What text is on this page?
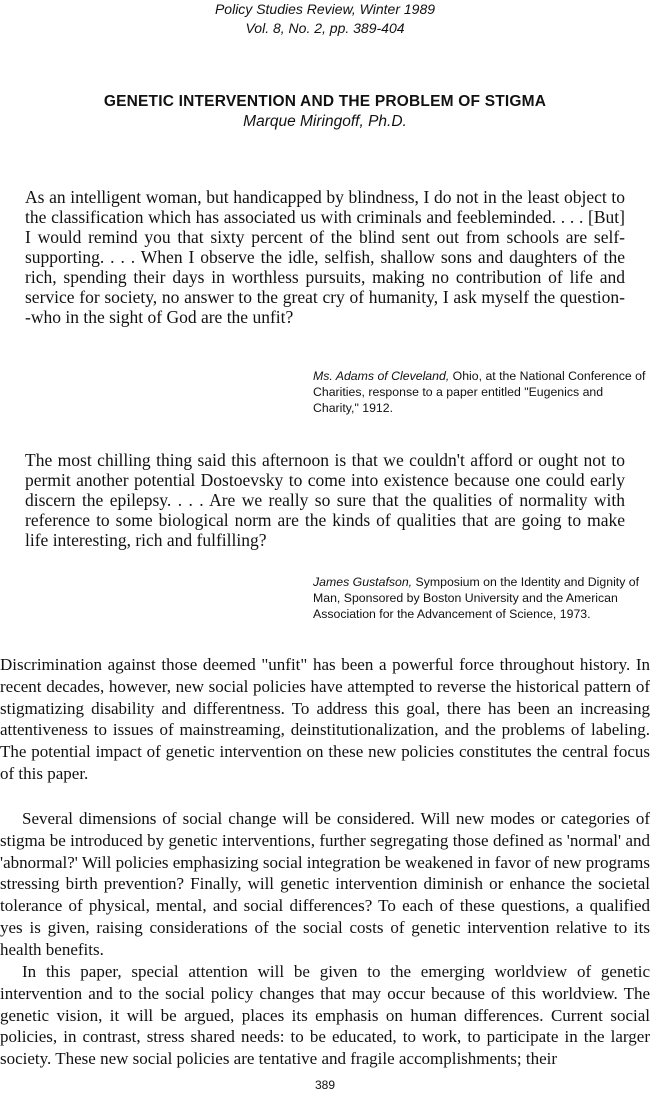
Policy Studies Review, Winter 1989
Vol. 8, No. 2, pp. 389-404
GENETIC INTERVENTION AND THE PROBLEM OF STIGMA
Marque Miringoff, Ph.D.
As an intelligent woman, but handicapped by blindness, I do not in the least object to the classification which has associated us with criminals and feebleminded. . . . [But] I would remind you that sixty percent of the blind sent out from schools are self-supporting. . . . When I observe the idle, selfish, shallow sons and daughters of the rich, spending their days in worthless pursuits, making no contribution of life and service for society, no answer to the great cry of humanity, I ask myself the question--who in the sight of God are the unfit?
Ms. Adams of Cleveland, Ohio, at the National Conference of Charities, response to a paper entitled "Eugenics and Charity," 1912.
The most chilling thing said this afternoon is that we couldn't afford or ought not to permit another potential Dostoevsky to come into existence because one could early discern the epilepsy. . . . Are we really so sure that the qualities of normality with reference to some biological norm are the kinds of qualities that are going to make life interesting, rich and fulfilling?
James Gustafson, Symposium on the Identity and Dignity of Man, Sponsored by Boston University and the American Association for the Advancement of Science, 1973.

Discrimination against those deemed "unfit" has been a powerful force throughout history. In recent decades, however, new social policies have attempted to reverse the historical pattern of stigmatizing disability and differentness. To address this goal, there has been an increasing attentiveness to issues of mainstreaming, deinstitutionalization, and the problems of labeling. The potential impact of genetic intervention on these new policies constitutes the central focus of this paper.

Several dimensions of social change will be considered. Will new modes or categories of stigma be introduced by genetic interventions, further segregating those defined as 'normal' and 'abnormal?' Will policies emphasizing social integration be weakened in favor of new programs stressing birth prevention? Finally, will genetic intervention diminish or enhance the societal tolerance of physical, mental, and social differences? To each of these questions, a qualified yes is given, raising considerations of the social costs of genetic intervention relative to its health benefits.

In this paper, special attention will be given to the emerging worldview of genetic intervention and to the social policy changes that may occur because of this worldview. The genetic vision, it will be argued, places its emphasis on human differences. Current social policies, in contrast, stress shared needs: to be educated, to work, to participate in the larger society. These new social policies are tentative and fragile accomplishments; their

389
